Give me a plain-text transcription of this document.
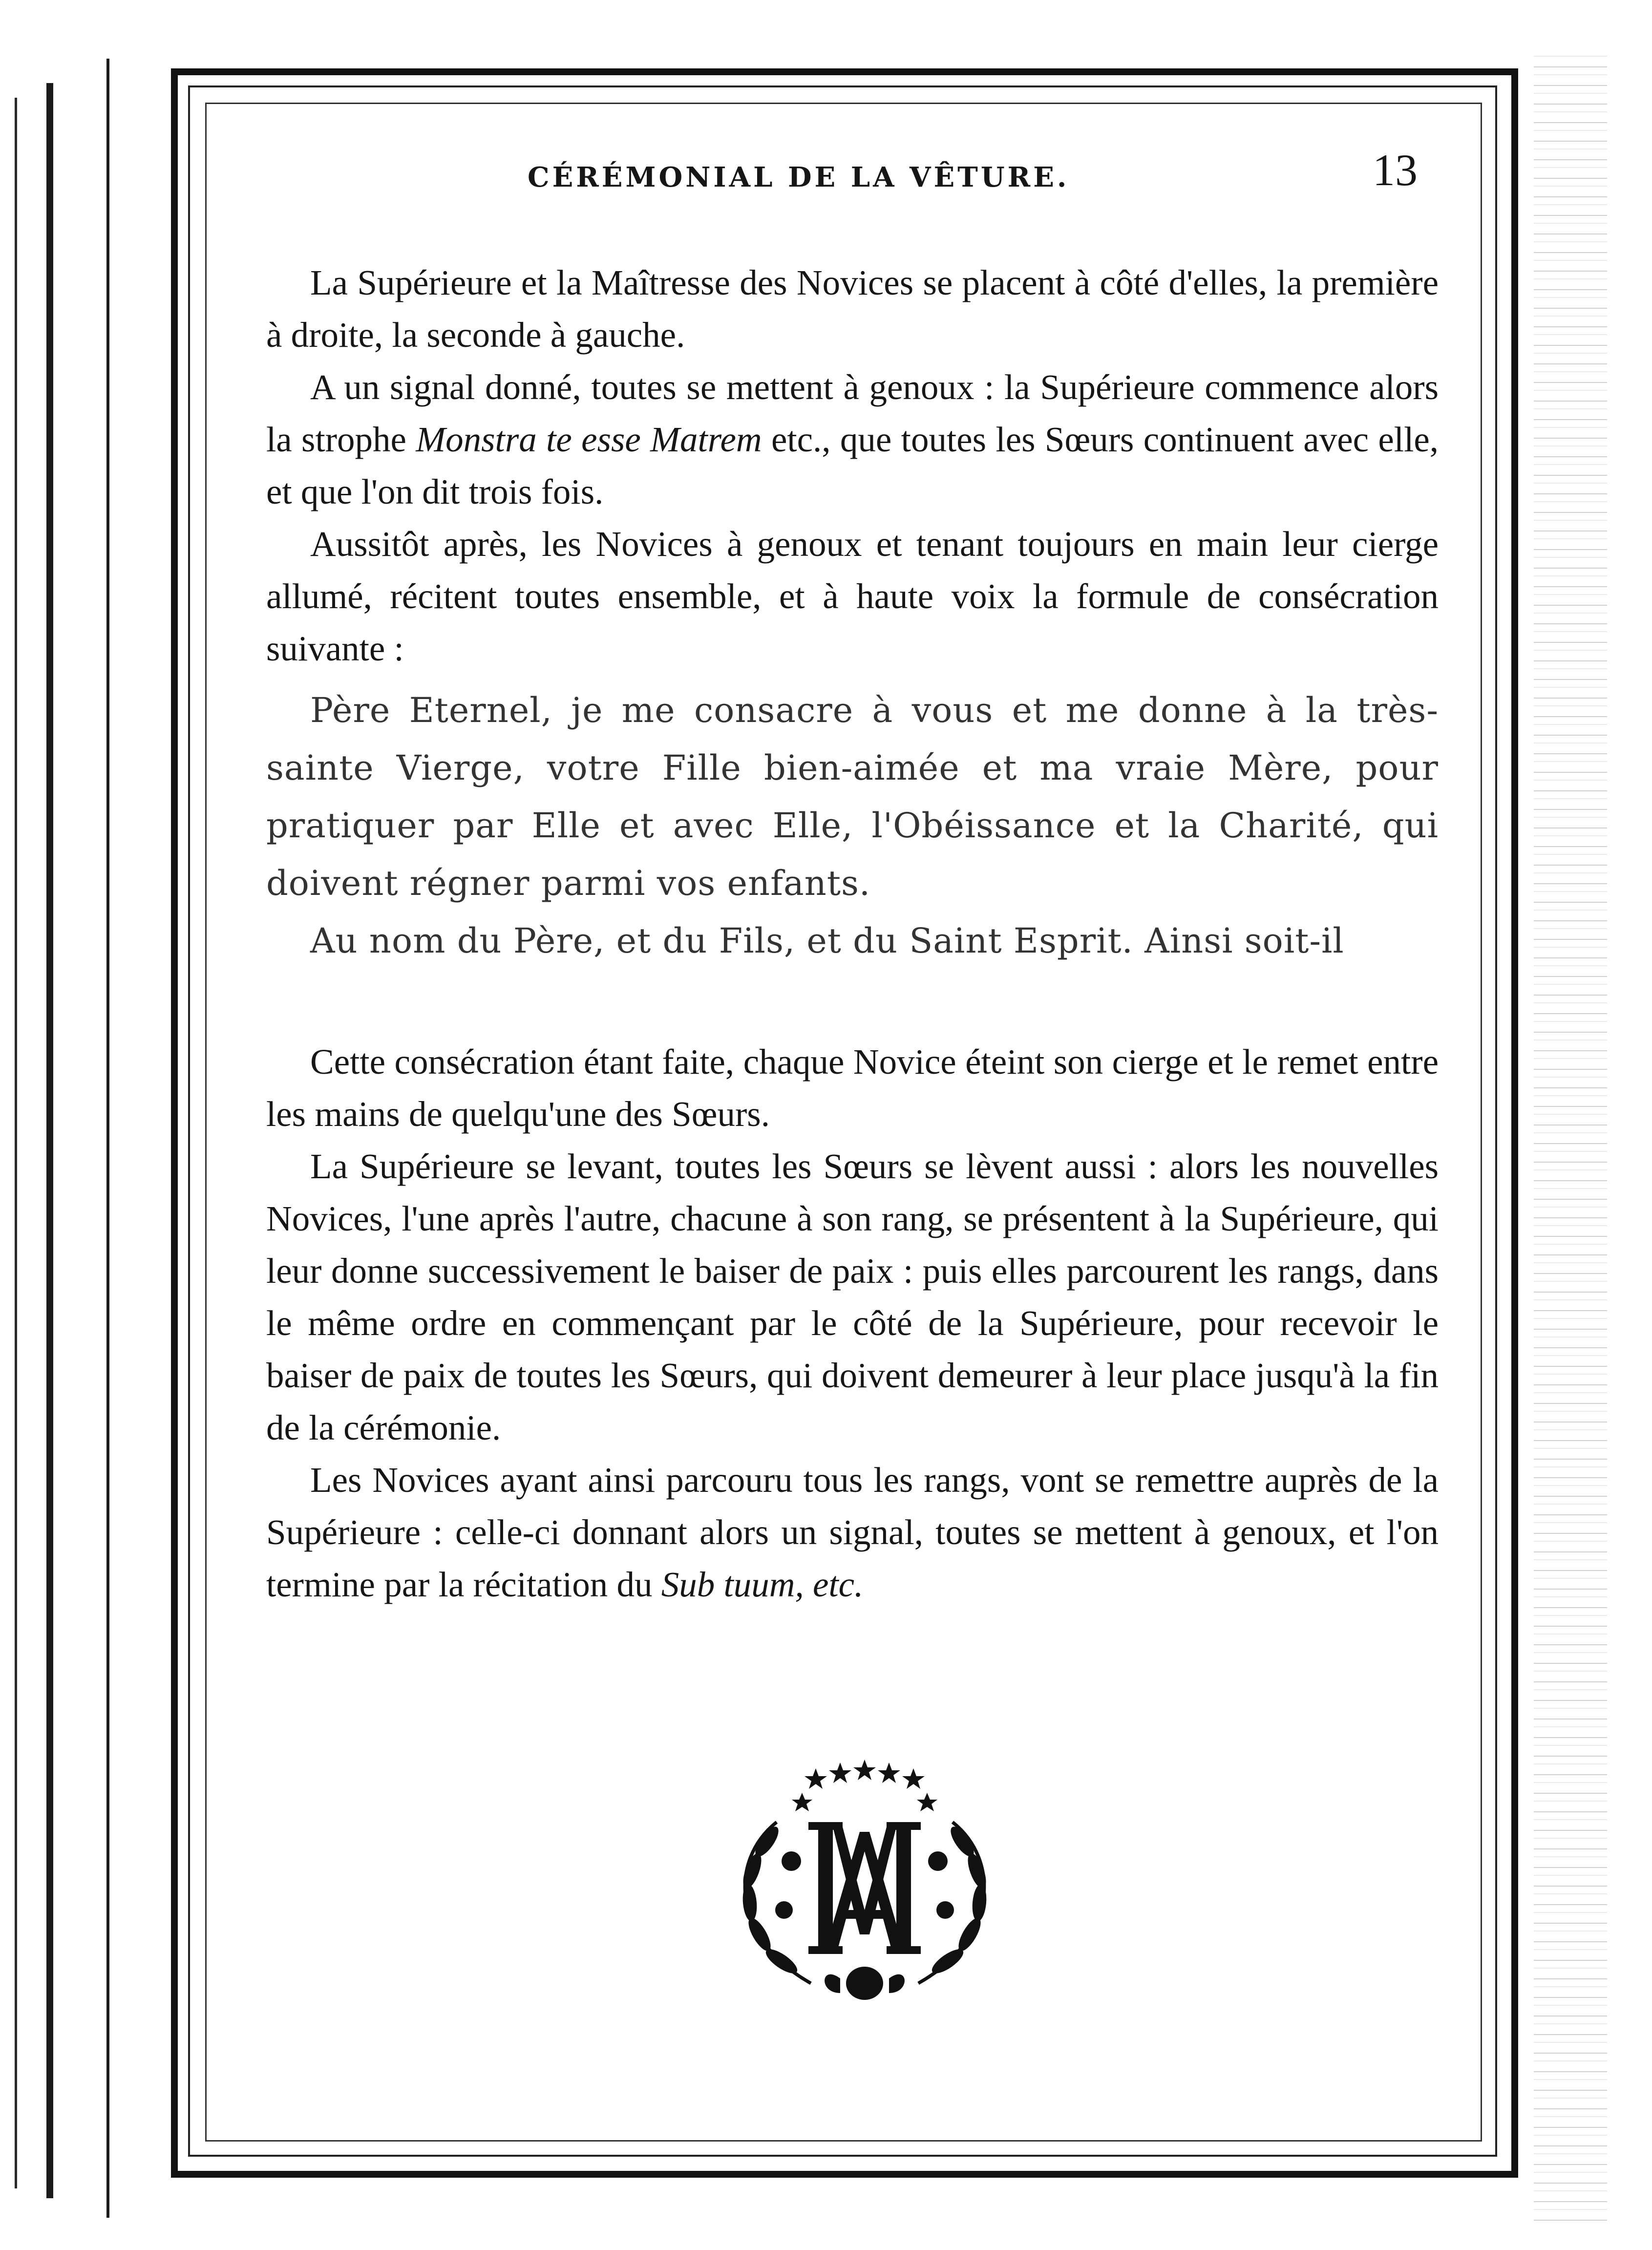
CÉRÉMONIAL DE LA VÊTURE.	13

La Supérieure et la Maîtresse des Novices se placent à côté d'elles, la première à droite, la seconde à gauche.

A un signal donné, toutes se mettent à genoux : la Supérieure commence alors la strophe Monstra te esse Matrem etc., que toutes les Sœurs continuent avec elle, et que l'on dit trois fois.

Aussitôt après, les Novices à genoux et tenant toujours en main leur cierge allumé, récitent toutes ensemble, et à haute voix la formule de consécration suivante :

Père Eternel, je me consacre à vous et me donne à la très-sainte Vierge, votre Fille bien-aimée et ma vraie Mère, pour pratiquer par Elle et avec Elle, l'Obéissance et la Charité, qui doivent régner parmi vos enfants.

Au nom du Père, et du Fils, et du Saint Esprit. Ainsi soit-il

Cette consécration étant faite, chaque Novice éteint son cierge et le remet entre les mains de quelqu'une des Sœurs.

La Supérieure se levant, toutes les Sœurs se lèvent aussi : alors les nouvelles Novices, l'une après l'autre, chacune à son rang, se présentent à la Supérieure, qui leur donne successivement le baiser de paix : puis elles parcourent les rangs, dans le même ordre en commençant par le côté de la Supérieure, pour recevoir le baiser de paix de toutes les Sœurs, qui doivent demeurer à leur place jusqu'à la fin de la cérémonie.

Les Novices ayant ainsi parcouru tous les rangs, vont se remettre auprès de la Supérieure : celle-ci donnant alors un signal, toutes se mettent à genoux, et l'on termine par la récitation du Sub tuum, etc.
